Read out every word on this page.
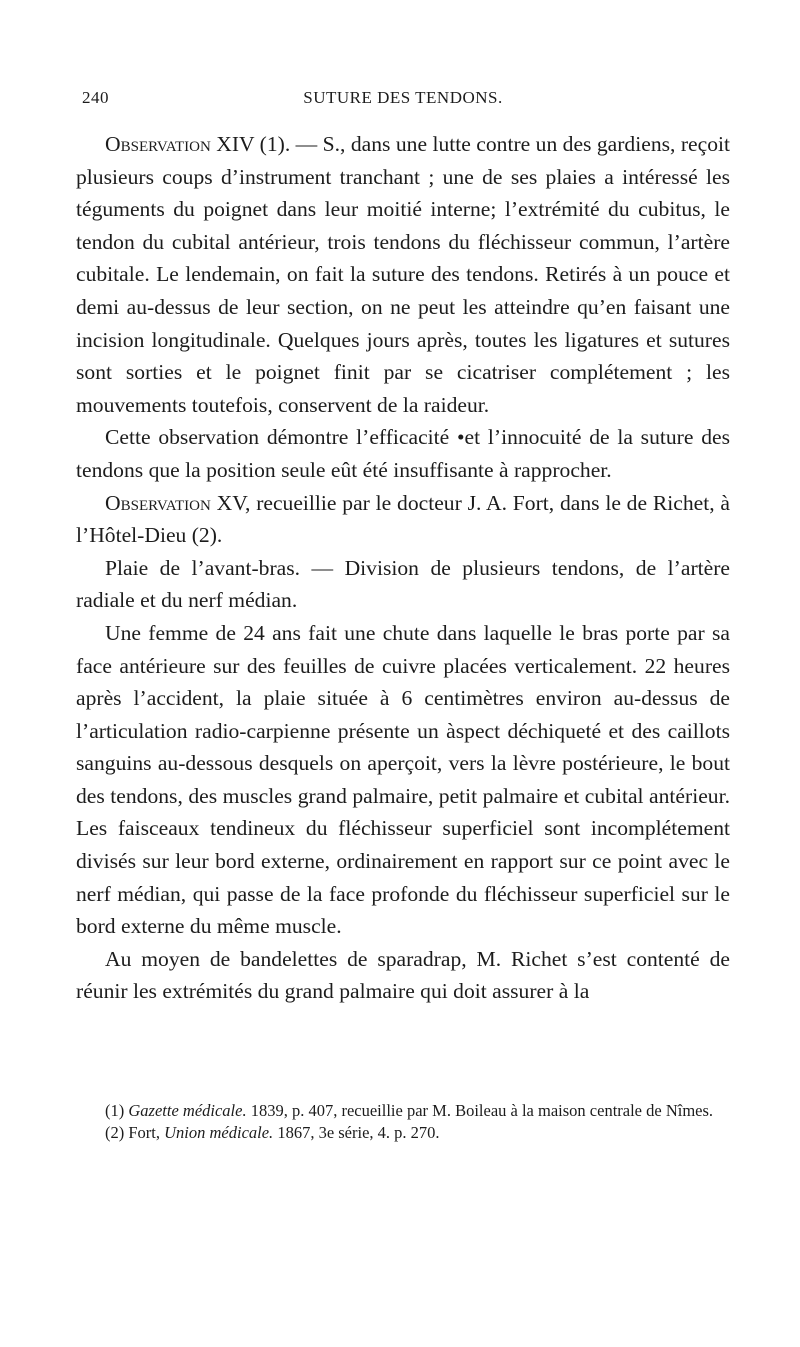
240	SUTURE DES TENDONS.

Observation XIV (1). — S., dans une lutte contre un des gardiens, reçoit plusieurs coups d’instrument tranchant ; une de ses plaies a intéressé les téguments du poignet dans leur moitié interne; l’extrémité du cubitus, le tendon du cubital antérieur, trois tendons du fléchisseur commun, l’artère cubitale. Le lendemain, on fait la suture des tendons. Retirés à un pouce et demi au-dessus de leur section, on ne peut les atteindre qu’en faisant une incision longitudinale. Quelques jours après, toutes les ligatures et sutures sont sorties et le poignet finit par se cicatriser complétement ; les mouvements toutefois, conservent de la raideur.

Cette observation démontre l’efficacité •et l’innocuité de la suture des tendons que la position seule eût été insuffisante à rapprocher.

Observation XV, recueillie par le docteur J. A. Fort, dans le de Richet, à l’Hôtel-Dieu (2).

Plaie de l’avant-bras. — Division de plusieurs tendons, de l’artère radiale et du nerf médian.

Une femme de 24 ans fait une chute dans laquelle le bras porte par sa face antérieure sur des feuilles de cuivre placées verticalement. 22 heures après l’accident, la plaie située à 6 centimètres environ au-dessus de l’articulation radio-carpienne présente un àspect déchiqueté et des caillots sanguins au-dessous desquels on aperçoit, vers la lèvre postérieure, le bout des tendons, des muscles grand palmaire, petit palmaire et cubital antérieur. Les faisceaux tendineux du fléchisseur superficiel sont incomplétement divisés sur leur bord externe, ordinairement en rapport sur ce point avec le nerf médian, qui passe de la face profonde du fléchisseur superficiel sur le bord externe du même muscle.

Au moyen de bandelettes de sparadrap, M. Richet s’est contenté de réunir les extrémités du grand palmaire qui doit assurer à la

(1) Gazette médicale. 1839, p. 407, recueillie par M. Boileau à la maison centrale de Nîmes.

(2) Fort, Union médicale. 1867, 3e série, 4. p. 270.
